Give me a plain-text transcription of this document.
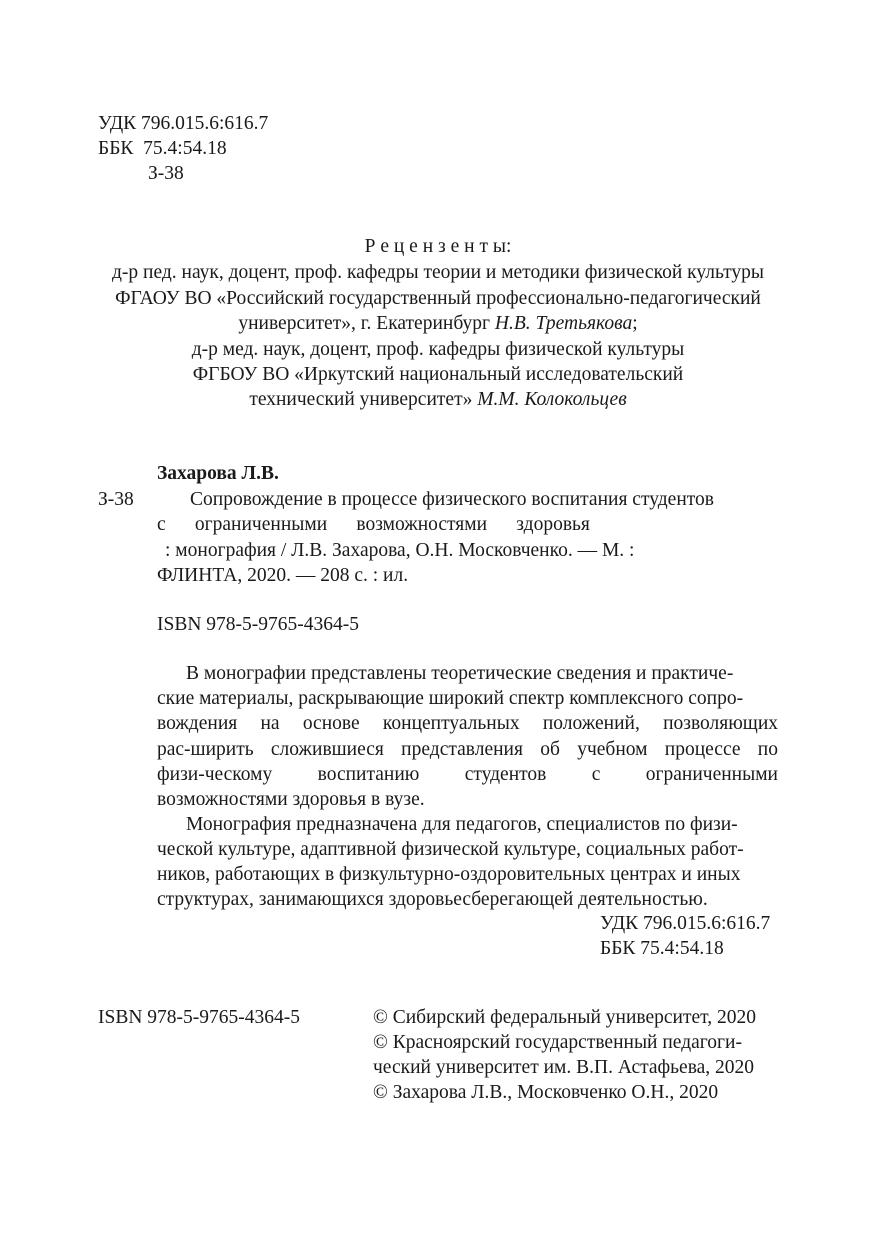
УДК 796.015.6:616.7
ББК  75.4:54.18
З-38
Р е ц е н з е н т ы:
д-р пед. наук, доцент, проф. кафедры теории и методики физической культуры
ФГАОУ ВО «Российский государственный профессионально-педагогический
университет», г. Екатеринбург Н.В. Третьякова;
д-р мед. наук, доцент, проф. кафедры физической культуры
ФГБОУ ВО «Иркутский национальный исследовательский
технический университет» М.М. Колокольцев
Захарова Л.В.
З-38	Сопровождение в процессе физического воспитания студентов
с      ограниченными      возможностями      здоровья
: монография / Л.В. Захарова, О.Н. Московченко. — М. :
ФЛИНТА, 2020. — 208 с. : ил.
ISBN 978-5-9765-4364-5
В монографии представлены теоретические сведения и практиче-
ские материалы, раскрывающие широкий спектр комплексного сопро-
вождения на основе концептуальных положений, позволяющих
рас-ширить сложившиеся представления об учебном процессе по
физи-ческому воспитанию студентов с ограниченными
возможностями здоровья в вузе.
Монография предназначена для педагогов, специалистов по физи-
ческой культуре, адаптивной физической культуре, социальных работ-
ников, работающих в физкультурно-оздоровительных центрах и иных
структурах, занимающихся здоровьесберегающей деятельностью.
УДК 796.015.6:616.7
ББК 75.4:54.18
ISBN 978-5-9765-4364-5	© Сибирский федеральный университет, 2020
© Красноярский государственный педагоги-
ческий университет им. В.П. Астафьева, 2020
© Захарова Л.В., Московченко О.Н., 2020
